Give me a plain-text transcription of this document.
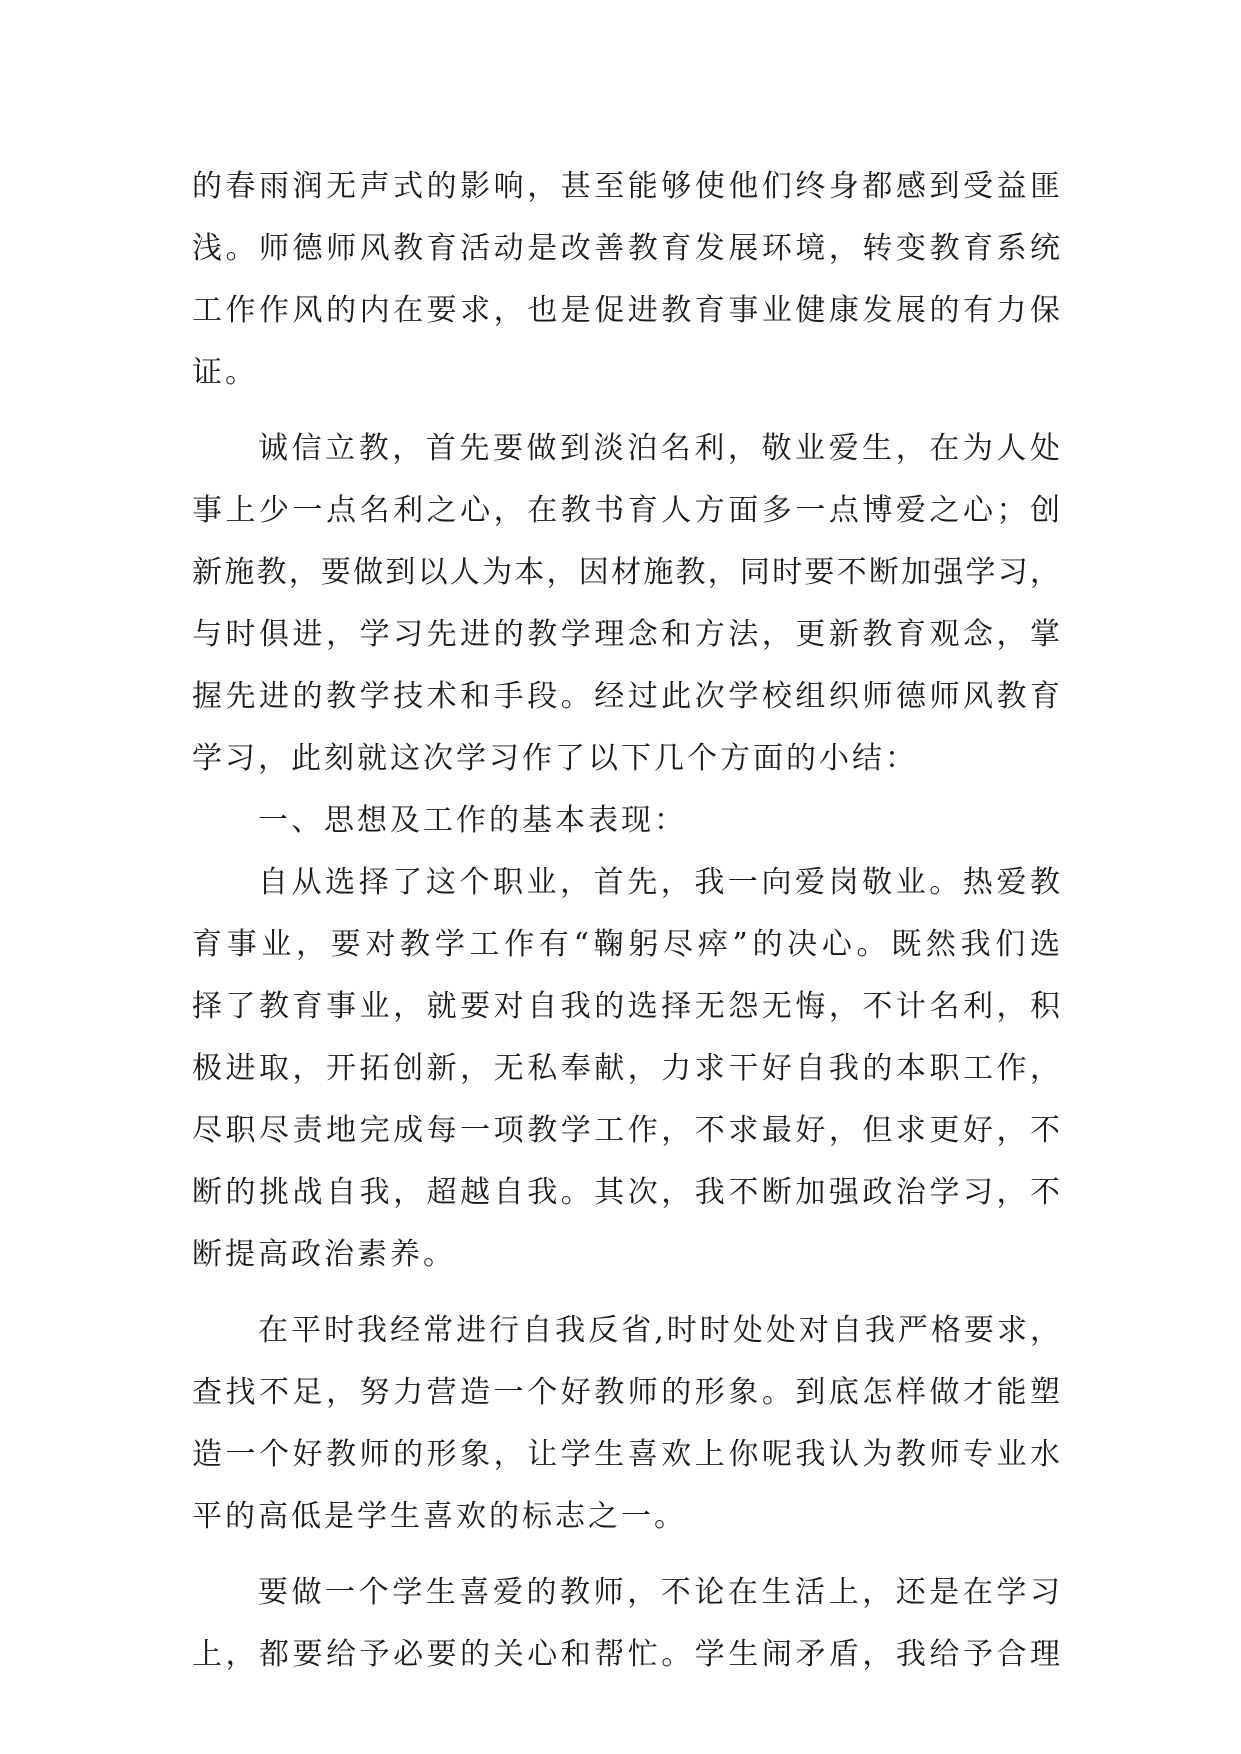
的春雨润无声式的影响，甚至能够使他们终身都感到受益匪
浅。师德师风教育活动是改善教育发展环境，转变教育系统
工作作风的内在要求，也是促进教育事业健康发展的有力保
证。
诚信立教，首先要做到淡泊名利，敬业爱生，在为人处
事上少一点名利之心，在教书育人方面多一点博爱之心；创
新施教，要做到以人为本，因材施教，同时要不断加强学习，
与时俱进，学习先进的教学理念和方法，更新教育观念，掌
握先进的教学技术和手段。经过此次学校组织师德师风教育
学习，此刻就这次学习作了以下几个方面的小结：
一、思想及工作的基本表现：
自从选择了这个职业，首先，我一向爱岗敬业。热爱教
育事业，要对教学工作有“鞠躬尽瘁”的决心。既然我们选
择了教育事业，就要对自我的选择无怨无悔，不计名利，积
极进取，开拓创新，无私奉献，力求干好自我的本职工作，
尽职尽责地完成每一项教学工作，不求最好，但求更好，不
断的挑战自我，超越自我。其次，我不断加强政治学习，不
断提高政治素养。
在平时我经常进行自我反省,时时处处对自我严格要求，
查找不足，努力营造一个好教师的形象。到底怎样做才能塑
造一个好教师的形象，让学生喜欢上你呢我认为教师专业水
平的高低是学生喜欢的标志之一。
要做一个学生喜爱的教师，不论在生活上，还是在学习
上，都要给予必要的关心和帮忙。学生闹矛盾，我给予合理
